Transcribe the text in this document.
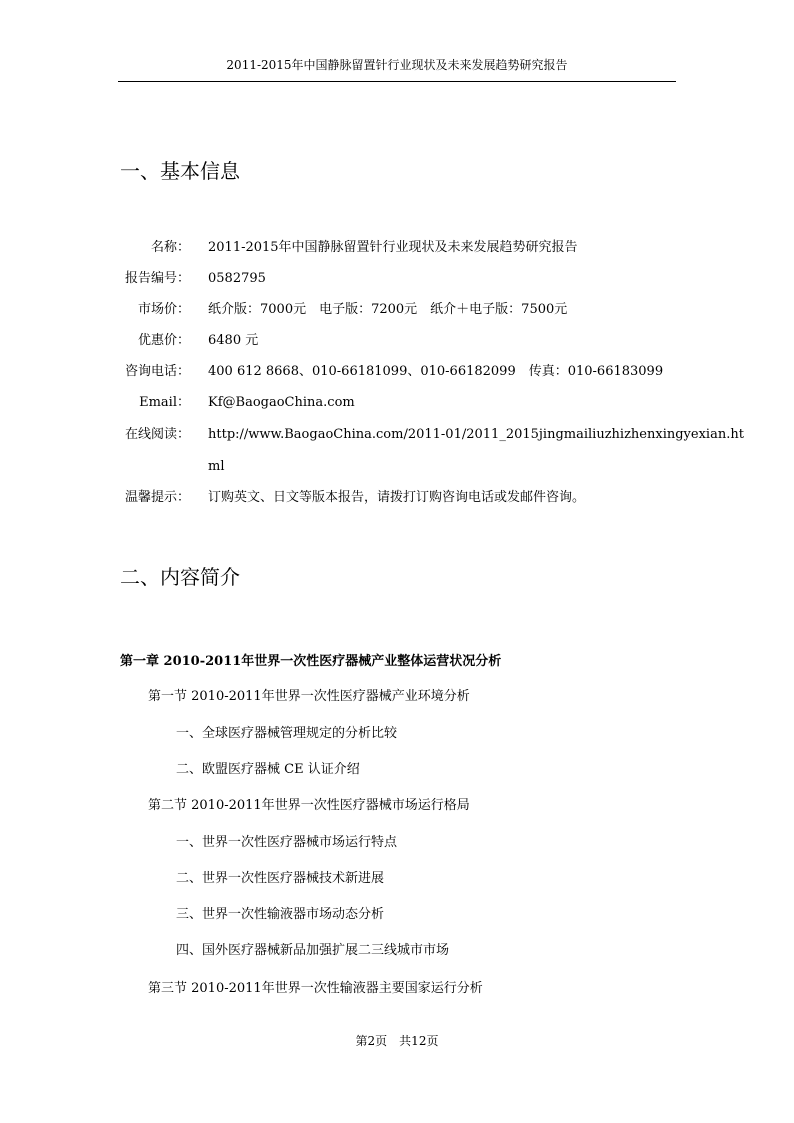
2011-2015年中国静脉留置针行业现状及未来发展趋势研究报告
一、基本信息
名称： 2011-2015年中国静脉留置针行业现状及未来发展趋势研究报告
报告编号： 0582795
市场价： 纸介版：7000元　电子版：7200元　纸介＋电子版：7500元
优惠价： 6480 元
咨询电话： 400 612 8668、010-66181099、010-66182099　传真：010-66183099
Email： Kf@BaogaoChina.com
在线阅读： http://www.BaogaoChina.com/2011-01/2011_2015jingmailiuzhizhenxingyexian.ht
ml
温馨提示： 订购英文、日文等版本报告，请拨打订购咨询电话或发邮件咨询。
二、内容简介
第一章 2010-2011年世界一次性医疗器械产业整体运营状况分析
第一节 2010-2011年世界一次性医疗器械产业环境分析
一、全球医疗器械管理规定的分析比较
二、欧盟医疗器械 CE 认证介绍
第二节 2010-2011年世界一次性医疗器械市场运行格局
一、世界一次性医疗器械市场运行特点
二、世界一次性医疗器械技术新进展
三、世界一次性输液器市场动态分析
四、国外医疗器械新品加强扩展二三线城市市场
第三节 2010-2011年世界一次性输液器主要国家运行分析
第2页　共12页
